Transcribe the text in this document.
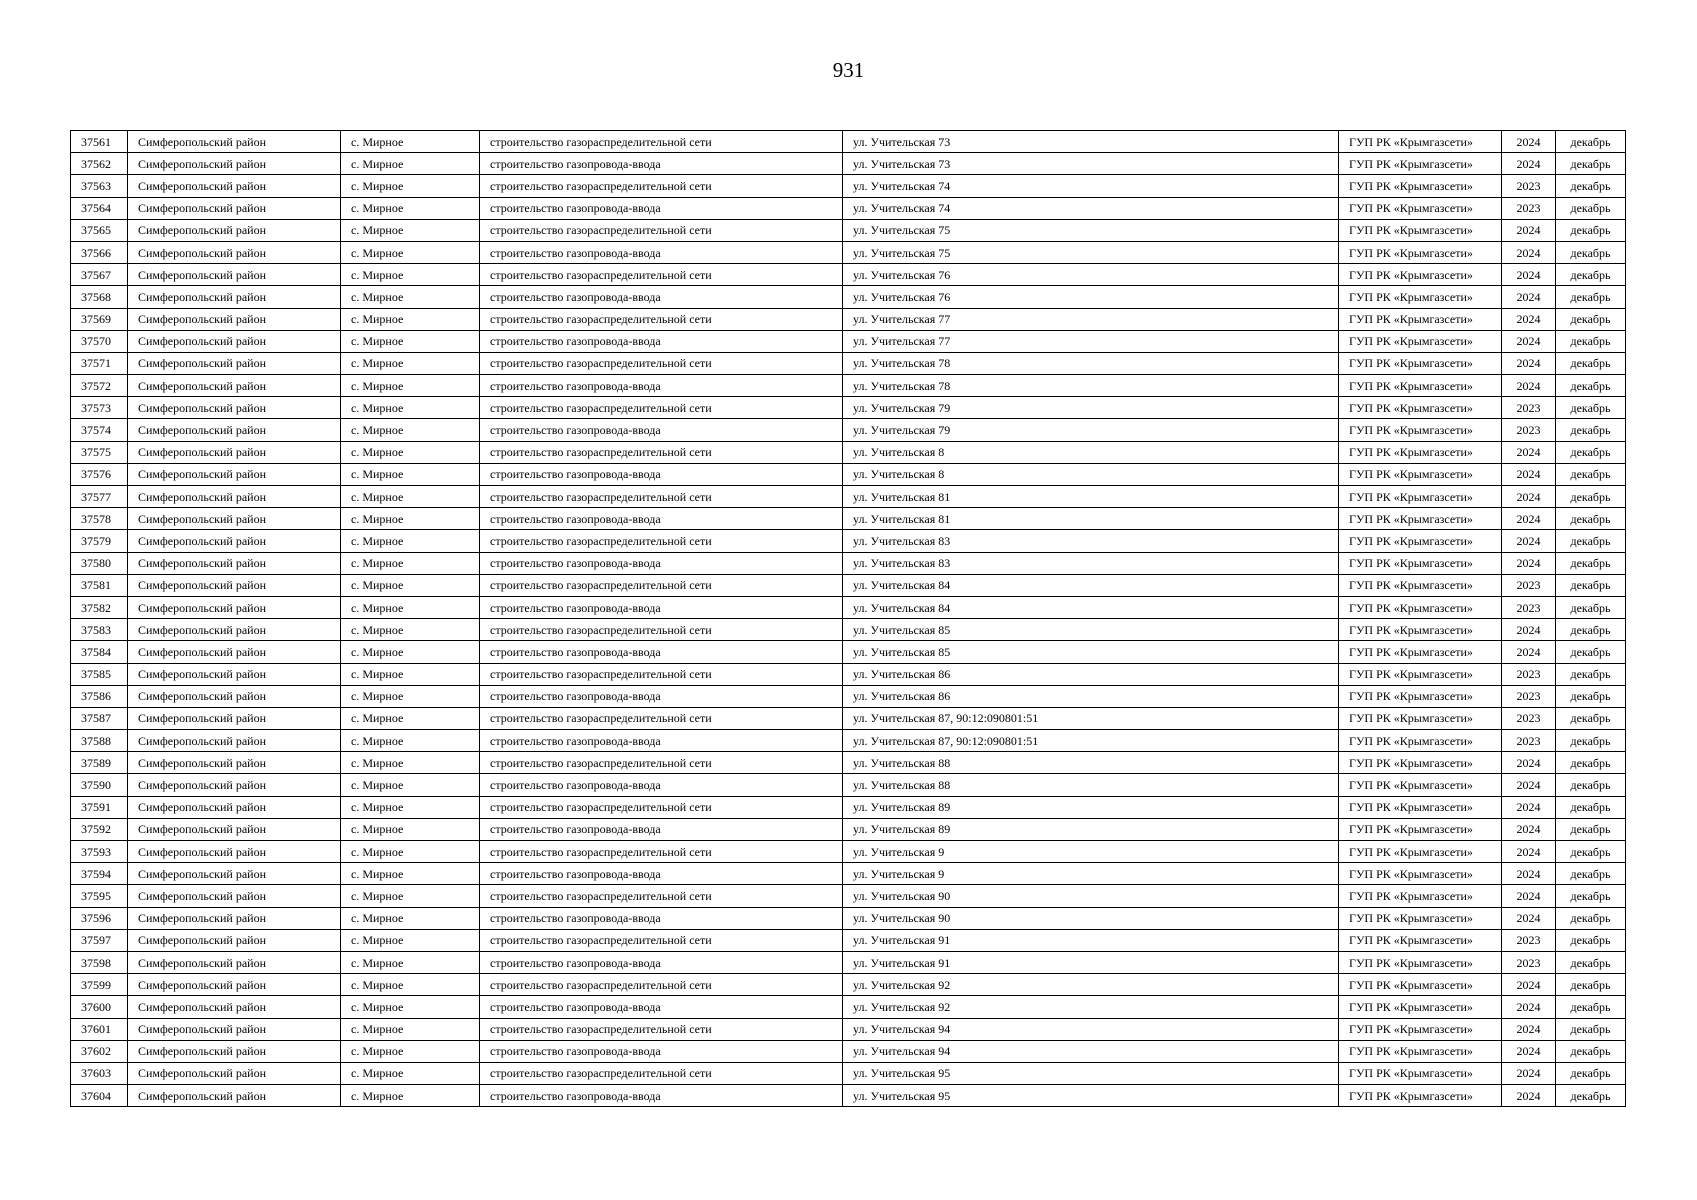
931
37561	Симферопольский район	с. Мирное	строительство газораспределительной сети	ул. Учительская 73	ГУП РК «Крымгазсети»	2024	декабрь
37562	Симферопольский район	с. Мирное	строительство газопровода-ввода	ул. Учительская 73	ГУП РК «Крымгазсети»	2024	декабрь
37563	Симферопольский район	с. Мирное	строительство газораспределительной сети	ул. Учительская 74	ГУП РК «Крымгазсети»	2023	декабрь
37564	Симферопольский район	с. Мирное	строительство газопровода-ввода	ул. Учительская 74	ГУП РК «Крымгазсети»	2023	декабрь
37565	Симферопольский район	с. Мирное	строительство газораспределительной сети	ул. Учительская 75	ГУП РК «Крымгазсети»	2024	декабрь
37566	Симферопольский район	с. Мирное	строительство газопровода-ввода	ул. Учительская 75	ГУП РК «Крымгазсети»	2024	декабрь
37567	Симферопольский район	с. Мирное	строительство газораспределительной сети	ул. Учительская 76	ГУП РК «Крымгазсети»	2024	декабрь
37568	Симферопольский район	с. Мирное	строительство газопровода-ввода	ул. Учительская 76	ГУП РК «Крымгазсети»	2024	декабрь
37569	Симферопольский район	с. Мирное	строительство газораспределительной сети	ул. Учительская 77	ГУП РК «Крымгазсети»	2024	декабрь
37570	Симферопольский район	с. Мирное	строительство газопровода-ввода	ул. Учительская 77	ГУП РК «Крымгазсети»	2024	декабрь
37571	Симферопольский район	с. Мирное	строительство газораспределительной сети	ул. Учительская 78	ГУП РК «Крымгазсети»	2024	декабрь
37572	Симферопольский район	с. Мирное	строительство газопровода-ввода	ул. Учительская 78	ГУП РК «Крымгазсети»	2024	декабрь
37573	Симферопольский район	с. Мирное	строительство газораспределительной сети	ул. Учительская 79	ГУП РК «Крымгазсети»	2023	декабрь
37574	Симферопольский район	с. Мирное	строительство газопровода-ввода	ул. Учительская 79	ГУП РК «Крымгазсети»	2023	декабрь
37575	Симферопольский район	с. Мирное	строительство газораспределительной сети	ул. Учительская 8	ГУП РК «Крымгазсети»	2024	декабрь
37576	Симферопольский район	с. Мирное	строительство газопровода-ввода	ул. Учительская 8	ГУП РК «Крымгазсети»	2024	декабрь
37577	Симферопольский район	с. Мирное	строительство газораспределительной сети	ул. Учительская 81	ГУП РК «Крымгазсети»	2024	декабрь
37578	Симферопольский район	с. Мирное	строительство газопровода-ввода	ул. Учительская 81	ГУП РК «Крымгазсети»	2024	декабрь
37579	Симферопольский район	с. Мирное	строительство газораспределительной сети	ул. Учительская 83	ГУП РК «Крымгазсети»	2024	декабрь
37580	Симферопольский район	с. Мирное	строительство газопровода-ввода	ул. Учительская 83	ГУП РК «Крымгазсети»	2024	декабрь
37581	Симферопольский район	с. Мирное	строительство газораспределительной сети	ул. Учительская 84	ГУП РК «Крымгазсети»	2023	декабрь
37582	Симферопольский район	с. Мирное	строительство газопровода-ввода	ул. Учительская 84	ГУП РК «Крымгазсети»	2023	декабрь
37583	Симферопольский район	с. Мирное	строительство газораспределительной сети	ул. Учительская 85	ГУП РК «Крымгазсети»	2024	декабрь
37584	Симферопольский район	с. Мирное	строительство газопровода-ввода	ул. Учительская 85	ГУП РК «Крымгазсети»	2024	декабрь
37585	Симферопольский район	с. Мирное	строительство газораспределительной сети	ул. Учительская 86	ГУП РК «Крымгазсети»	2023	декабрь
37586	Симферопольский район	с. Мирное	строительство газопровода-ввода	ул. Учительская 86	ГУП РК «Крымгазсети»	2023	декабрь
37587	Симферопольский район	с. Мирное	строительство газораспределительной сети	ул. Учительская 87, 90:12:090801:51	ГУП РК «Крымгазсети»	2023	декабрь
37588	Симферопольский район	с. Мирное	строительство газопровода-ввода	ул. Учительская 87, 90:12:090801:51	ГУП РК «Крымгазсети»	2023	декабрь
37589	Симферопольский район	с. Мирное	строительство газораспределительной сети	ул. Учительская 88	ГУП РК «Крымгазсети»	2024	декабрь
37590	Симферопольский район	с. Мирное	строительство газопровода-ввода	ул. Учительская 88	ГУП РК «Крымгазсети»	2024	декабрь
37591	Симферопольский район	с. Мирное	строительство газораспределительной сети	ул. Учительская 89	ГУП РК «Крымгазсети»	2024	декабрь
37592	Симферопольский район	с. Мирное	строительство газопровода-ввода	ул. Учительская 89	ГУП РК «Крымгазсети»	2024	декабрь
37593	Симферопольский район	с. Мирное	строительство газораспределительной сети	ул. Учительская 9	ГУП РК «Крымгазсети»	2024	декабрь
37594	Симферопольский район	с. Мирное	строительство газопровода-ввода	ул. Учительская 9	ГУП РК «Крымгазсети»	2024	декабрь
37595	Симферопольский район	с. Мирное	строительство газораспределительной сети	ул. Учительская 90	ГУП РК «Крымгазсети»	2024	декабрь
37596	Симферопольский район	с. Мирное	строительство газопровода-ввода	ул. Учительская 90	ГУП РК «Крымгазсети»	2024	декабрь
37597	Симферопольский район	с. Мирное	строительство газораспределительной сети	ул. Учительская 91	ГУП РК «Крымгазсети»	2023	декабрь
37598	Симферопольский район	с. Мирное	строительство газопровода-ввода	ул. Учительская 91	ГУП РК «Крымгазсети»	2023	декабрь
37599	Симферопольский район	с. Мирное	строительство газораспределительной сети	ул. Учительская 92	ГУП РК «Крымгазсети»	2024	декабрь
37600	Симферопольский район	с. Мирное	строительство газопровода-ввода	ул. Учительская 92	ГУП РК «Крымгазсети»	2024	декабрь
37601	Симферопольский район	с. Мирное	строительство газораспределительной сети	ул. Учительская 94	ГУП РК «Крымгазсети»	2024	декабрь
37602	Симферопольский район	с. Мирное	строительство газопровода-ввода	ул. Учительская 94	ГУП РК «Крымгазсети»	2024	декабрь
37603	Симферопольский район	с. Мирное	строительство газораспределительной сети	ул. Учительская 95	ГУП РК «Крымгазсети»	2024	декабрь
37604	Симферопольский район	с. Мирное	строительство газопровода-ввода	ул. Учительская 95	ГУП РК «Крымгазсети»	2024	декабрь
